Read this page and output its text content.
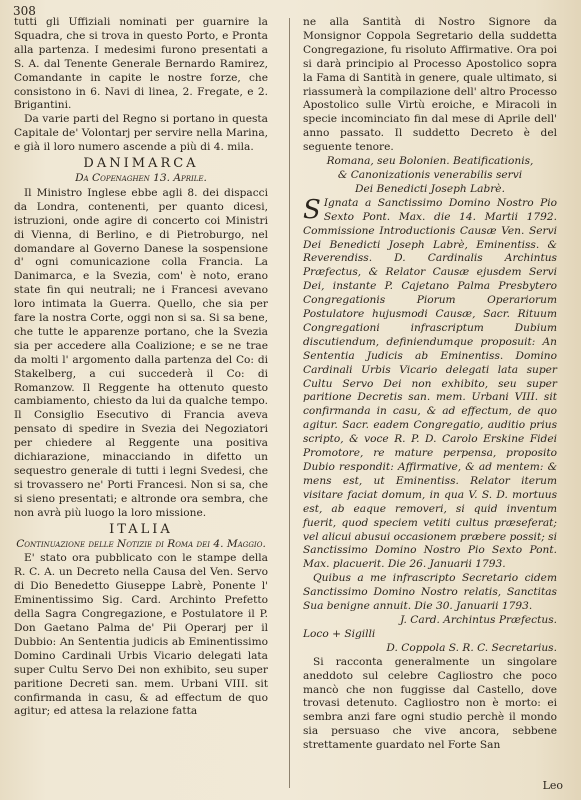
308

tutti gli Uffiziali nominati per guarnire la Squadra, che si trova in questo Porto, e Pronta alla partenza. I medesimi furono presentati a S. A. dal Tenente Generale Bernardo Ramirez, Comandante in capite le nostre forze, che consistono in 6. Navi di linea, 2. Fregate, e 2. Brigantini.

Da varie parti del Regno si portano in questa Capitale de' Volontarj per servire nella Marina, e già il loro numero ascende a più di 4. mila.

DANIMARCA
Da Copenaghen 13. Aprile.

Il Ministro Inglese ebbe agli 8. dei dispacci da Londra, contenenti, per quanto dicesi, istruzioni, onde agire di concerto coi Ministri di Vienna, di Berlino, e di Pietroburgo, nel domandare al Governo Danese la sospensione d' ogni comunicazione colla Francia. La Danimarca, e la Svezia, com' è noto, erano state fin qui neutrali; ne i Francesi avevano loro intimata la Guerra. Quello, che sia per fare la nostra Corte, oggi non si sa. Si sa bene, che tutte le apparenze portano, che la Svezia sia per accedere alla Coalizione; e se ne trae da molti l' argomento dalla partenza del Co: di Stakelberg, a cui succederà il Co: di Romanzow. Il Reggente ha ottenuto questo cambiamento, chiesto da lui da qualche tempo. Il Consiglio Esecutivo di Francia aveva pensato di spedire in Svezia dei Negoziatori per chiedere al Reggente una positiva dichiarazione, minacciando in difetto un sequestro generale di tutti i legni Svedesi, che si trovassero ne' Porti Francesi. Non si sa, che si sieno presentati; e altronde ora sembra, che non avrà più luogo la loro missione.

ITALIA
Continuazione delle Notizie di Roma dei 4. Maggio.

E' stato ora pubblicato con le stampe della R. C. A. un Decreto nella Causa del Ven. Servo di Dio Benedetto Giuseppe Labrè, Ponente l' Eminentissimo Sig. Card. Archinto Prefetto della Sagra Congregazione, e Postulatore il P. Don Gaetano Palma de' Pii Operarj per il Dubbio: An Sententia judicis ab Eminentissimo Domino Cardinali Urbis Vicario delegati lata super Cultu Servo Dei non exhibito, seu super paritione Decreti san. mem. Urbani VIII. sit confirmanda in casu, & ad effectum de quo agitur; ed attesa la relazione fatta

ne alla Santità di Nostro Signore da Monsignor Coppola Segretario della suddetta Congregazione, fu risoluto Affirmative. Ora poi si darà principio al Processo Apostolico sopra la Fama di Santità in genere, quale ultimato, si riassumerà la compilazione dell' altro Processo Apostolico sulle Virtù eroiche, e Miracoli in specie incominciato fin dal mese di Aprile dell' anno passato. Il suddetto Decreto è del seguente tenore.

Romana, seu Bolonien. Beatificationis,

& Canonizationis venerabilis servi

Dei Benedicti Joseph Labrè.

S Ignata a Sanctissimo Domino Nostro Pio Sexto Pont. Max. die 14. Martii 1792. Commissione Introductionis Causæ Ven. Servi Dei Benedicti Joseph Labrè, Eminentiss. & Reverendiss. D. Cardinalis Archintus Præfectus, & Relator Causæ ejusdem Servi Dei, instante P. Cajetano Palma Presbytero Congregationis Piorum Operariorum Postulatore hujusmodi Causæ, Sacr. Rituum Congregationi infrascriptum Dubium discutiendum, definiendumque proposuit: An Sententia Judicis ab Eminentiss. Domino Cardinali Urbis Vicario delegati lata super Cultu Servo Dei non exhibito, seu super paritione Decretis san. mem. Urbani VIII. sit confirmanda in casu, & ad effectum, de quo agitur. Sacr. eadem Congregatio, auditio prius scripto, & voce R. P. D. Carolo Erskine Fidei Promotore, re mature perpensa, proposito Dubio respondit: Affirmative, & ad mentem: & mens est, ut Eminentiss. Relator iterum visitare faciat domum, in qua V. S. D. mortuus est, ab eaque removeri, si quid inventum fuerit, quod speciem vetiti cultus præseferat; vel alicui abusui occasionem præbere possit; si Sanctissimo Domino Nostro Pio Sexto Pont. Max. placuerit. Die 26. Januarii 1793.

Quibus a me infrascripto Secretario cidem Sanctissimo Domino Nostro relatis, Sanctitas Sua benigne annuit. Die 30. Januarii 1793.

J. Card. Archintus Præfectus.

Loco + Sigilli

D. Coppola S. R. C. Secretarius.

Si racconta generalmente un singolare aneddoto sul celebre Cagliostro che poco mancò che non fuggisse dal Castello, dove trovasi detenuto. Cagliostro non è morto: ei sembra anzi fare ogni studio perchè il mondo sia persuaso che vive ancora, sebbene strettamente guardato nel Forte San

Leo
